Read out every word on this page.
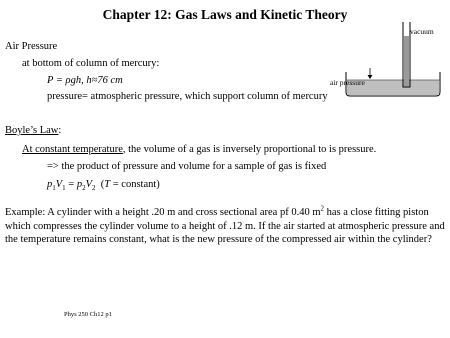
Chapter 12: Gas Laws and Kinetic Theory
Air Pressure
at bottom of column of mercury:
P = ρgh, h≈76 cm
pressure= atmospheric pressure, which support column of mercury
Boyle’s Law:
At constant temperature, the volume of a gas is inversely proportional to is pressure.
=> the product of pressure and volume for a sample of gas is fixed
$p_1V_1 = p_2V_2$  (T = constant)
Example: A cylinder with a height .20 m and cross sectional area pf 0.40 $m^2$ has a close fitting piston which compresses the cylinder volume to a height of .12 m. If the air started at atmospheric pressure and the temperature remains constant, what is the new pressure of the compressed air within the cylinder?
vacuum
air pressure
Phys 250 Ch12 p1
